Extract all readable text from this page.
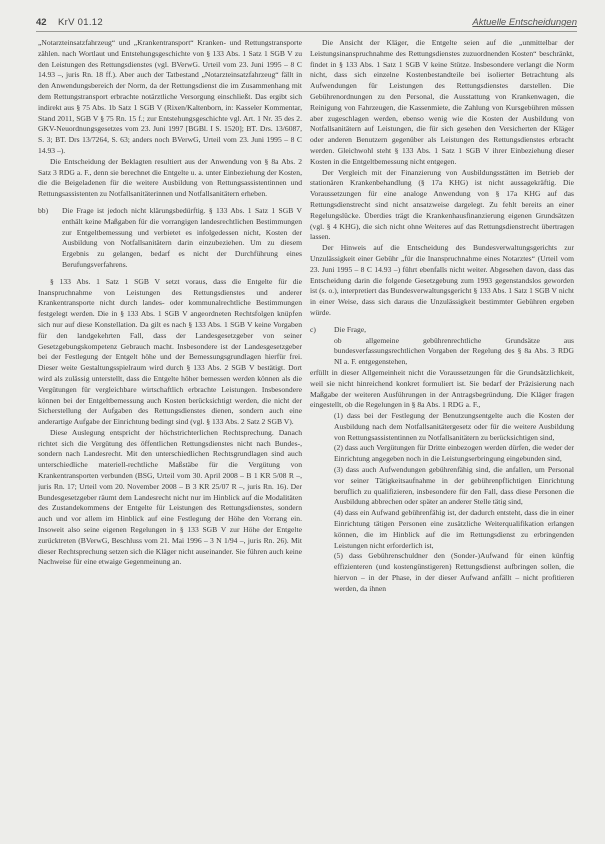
42 KrV 01.12	Aktuelle Entscheidungen

„Notarzteinsatzfahrzeug“ und „Krankentransport“ Kranken- und Rettungstransporte zählen. nach Wortlaut und Entstehungsgeschichte von § 133 Abs. 1 Satz 1 SGB V zu den Leistungen des Rettungsdienstes (vgl. BVerwG. Urteil vom 23. Juni 1995 – 8 C 14.93 –, juris Rn. 18 ff.). Aber auch der Tatbestand „Notarzteinsatzfahrzeug“ fällt in den Anwendungsbereich der Norm, da der Rettungsdienst die im Zusammenhang mit dem Rettungstransport erbrachte notärztliche Versorgung einschließt. Das ergibt sich indirekt aus § 75 Abs. 1b Satz 1 SGB V (Rixen/Kaltenborn, in: Kasseler Kommentar, Stand 2011, SGB V § 75 Rn. 15 f.; zur Entstehungsgeschichte vgl. Art. 1 Nr. 35 des 2. GKV-Neuordnungsgesetzes vom 23. Juni 1997 [BGBl. I S. 1520]; BT. Drs. 13/6087, S. 3; BT. Drs 13/7264, S. 63; anders noch BVerwG, Urteil vom 23. Juni 1995 – 8 C 14.93 –).

Die Entscheidung der Beklagten resultiert aus der Anwendung von § 8a Abs. 2 Satz 3 RDG a. F., denn sie berechnet die Entgelte u. a. unter Einbeziehung der Kosten, die die Beigeladenen für die weitere Ausbildung von Rettungsassistentinnen und Rettungsassistenten zu Notfallsanitäterinnen und Notfallsanitätern erheben.

bb)	Die Frage ist jedoch nicht klärungsbedürftig. § 133 Abs. 1 Satz 1 SGB V enthält keine Maßgaben für die vorrangigen landesrechtlichen Bestimmungen zur Entgeltbemessung und verbietet es infolgedessen nicht, Kosten der Ausbildung von Notfallsanitätern darin einzubeziehen. Um zu diesem Ergebnis zu gelangen, bedarf es nicht der Durchführung eines Berufungsverfahrens.

§ 133 Abs. 1 Satz 1 SGB V setzt voraus, dass die Entgelte für die Inanspruchnahme von Leistungen des Rettungsdienstes und anderer Krankentransporte nicht durch landes- oder kommunalrechtliche Bestimmungen festgelegt werden. Die in § 133 Abs. 1 SGB V angeordneten Rechtsfolgen knüpfen sich nur auf diese Konstellation. Da gilt es nach § 133 Abs. 1 SGB V keine Vorgaben für den landgekehrten Fall, dass der Landesgesetzgeber von seiner Gesetzgebungskompetenz Gebrauch macht. Insbesondere ist der Landesgesetzgeber bei der Festlegung der Entgelt höhe und der Bemessungsgrundlagen hierfür frei. Dieser weite Gestaltungsspielraum wird durch § 133 Abs. 2 SGB V bestätigt. Dort wird als zulässig unterstellt, dass die Entgelte höher bemessen werden können als die Vergütungen für vergleichbare wirtschaftlich erbrachte Leistungen. Insbesondere können bei der Entgeltbemessung auch Kosten berücksichtigt werden, die nicht der Sicherstellung der Aufgaben des Rettungsdienstes dienen, sondern auch eine anderartige Aufgabe der Einrichtung bedingt sind (vgl. § 133 Abs. 2 Satz 2 SGB V).

Diese Auslegung entspricht der höchstrichterlichen Rechtsprechung. Danach richtet sich die Vergütung des öffentlichen Rettungsdienstes nicht nach Bundes-, sondern nach Landesrecht. Mit den unterschiedlichen Rechtsgrundlagen sind auch unterschiedliche materiell-rechtliche Maßstäbe für die Vergütung von Krankentransporten verbunden (BSG, Urteil vom 30. April 2008 – B 1 KR 5/08 R –, juris Rn. 17; Urteil vom 20. November 2008 – B 3 KR 25/07 R –, juris Rn. 16). Der Bundesgesetzgeber räumt dem Landesrecht nicht nur im Hinblick auf die Modalitäten des Zustandekommens der Entgelte für Leistungen des Rettungsdienstes, sondern auch und vor allem im Hinblick auf eine Festlegung der Höhe den Vorrang ein. Insoweit also seine eigenen Regelungen in § 133 SGB V zur Höhe der Entgelte zurücktreten (BVerwG, Beschluss vom 21. Mai 1996 – 3 N 1/94 –, juris Rn. 26). Mit dieser Rechtsprechung setzen sich die Kläger nicht auseinander. Sie führen auch keine Nachweise für eine etwaige Gegenmeinung an.

Die Ansicht der Kläger, die Entgelte seien auf die „unmittelbar der Leistungsinanspruchnahme des Rettungsdienstes zuzuordnenden Kosten“ beschränkt, findet in § 133 Abs. 1 Satz 1 SGB V keine Stütze. Insbesondere verlangt die Norm nicht, dass sich einzelne Kostenbestandteile bei isolierter Betrachtung als Aufwendungen für Leistungen des Rettungsdienstes darstellen. Die Gebührenordnungen zu den Personal, die Ausstattung von Krankenwagen, die Reinigung von Fahrzeugen, die Kassenmiete, die Zahlung von Kursgebühren müssen aber zugeschlagen werden, ebenso wenig wie die Kosten der Ausbildung von Notfallsanitätern auf Leistungen, die für sich gesehen den Versicherten der Kläger oder anderen Benutzern gegenüber als Leistungen des Rettungsdienstes erbracht werden. Gleichwohl steht § 133 Abs. 1 Satz 1 SGB V ihrer Einbeziehung dieser Kosten in die Entgeltbemessung nicht entgegen.

Der Vergleich mit der Finanzierung von Ausbildungsstätten im Betrieb der stationären Krankenbehandlung (§ 17a KHG) ist nicht aussagekräftig. Die Voraussetzungen für eine analoge Anwendung von § 17a KHG auf das Rettungsdienstrecht sind nicht ansatzweise dargelegt. Zu fehlt bereits an einer Regelungslücke. Überdies trägt die Krankenhausfinanzierung eigenen Grundsätzen (vgl. § 4 KHG), die sich nicht ohne Weiteres auf das Rettungsdienstrecht übertragen lassen.

Der Hinweis auf die Entscheidung des Bundesverwaltungsgerichts zur Unzulässigkeit einer Gebühr „für die Inanspruchnahme eines Notarztes“ (Urteil vom 23. Juni 1995 – 8 C 14.93 –) führt ebenfalls nicht weiter. Abgesehen davon, dass das Entscheidung darin die folgende Gesetzgebung zum 1993 gegenstandslos geworden ist (s. o.), interpretiert das Bundesverwaltungsgericht § 133 Abs. 1 Satz 1 SGB V nicht in einer Weise, dass sich daraus die Unzulässigkeit bestimmter Gebühren ergeben würde.

c)	Die Frage,

ob allgemeine gebührenrechtliche Grundsätze aus bundesverfassungsrechtlichen Vorgaben der Regelung des § 8a Abs. 3 RDG NI a. F. entgegenstehen,

erfüllt in dieser Allgemeinheit nicht die Voraussetzungen für die Grundsätzlichkeit, weil sie nicht hinreichend konkret formuliert ist. Sie bedarf der Präzisierung nach Maßgabe der weiteren Ausführungen in der Antragsbegründung. Die Kläger fragen eingestellt, ob die Regelungen in § 8a Abs. 1 RDG a. F.,

(1) dass bei der Festlegung der Benutzungsentgelte auch die Kosten der Ausbildung nach dem Notfallsanitätergesetz oder für die weitere Ausbildung von Rettungsassistentinnen zu Notfallsanitätern zu berücksichtigen sind,

(2) dass auch Vergütungen für Dritte einbezogen werden dürfen, die weder der Einrichtung angegeben noch in die Leistungserbringung eingebunden sind,

(3) dass auch Aufwendungen gebührenfähig sind, die anfallen, um Personal vor seiner Tätigkeitsaufnahme in der gebührenpflichtigen Einrichtung beruflich zu qualifizieren, insbesondere für den Fall, dass diese Personen die Ausbildung abbrechen oder später an anderer Stelle tätig sind,

(4) dass ein Aufwand gebührenfähig ist, der dadurch entsteht, dass die in einer Einrichtung tätigen Personen eine zusätzliche Weiterqualifikation erlangen können, die im Hinblick auf die im Rettungsdienst zu erbringenden Leistungen nicht erforderlich ist,

(5) dass Gebührenschuldner den (Sonder-)Aufwand für einen künftig effizienteren (und kostengünstigeren) Rettungsdienst aufbringen sollen, die hiervon – in der Phase, in der dieser Aufwand anfällt – nicht profitieren werden, da ihnen
